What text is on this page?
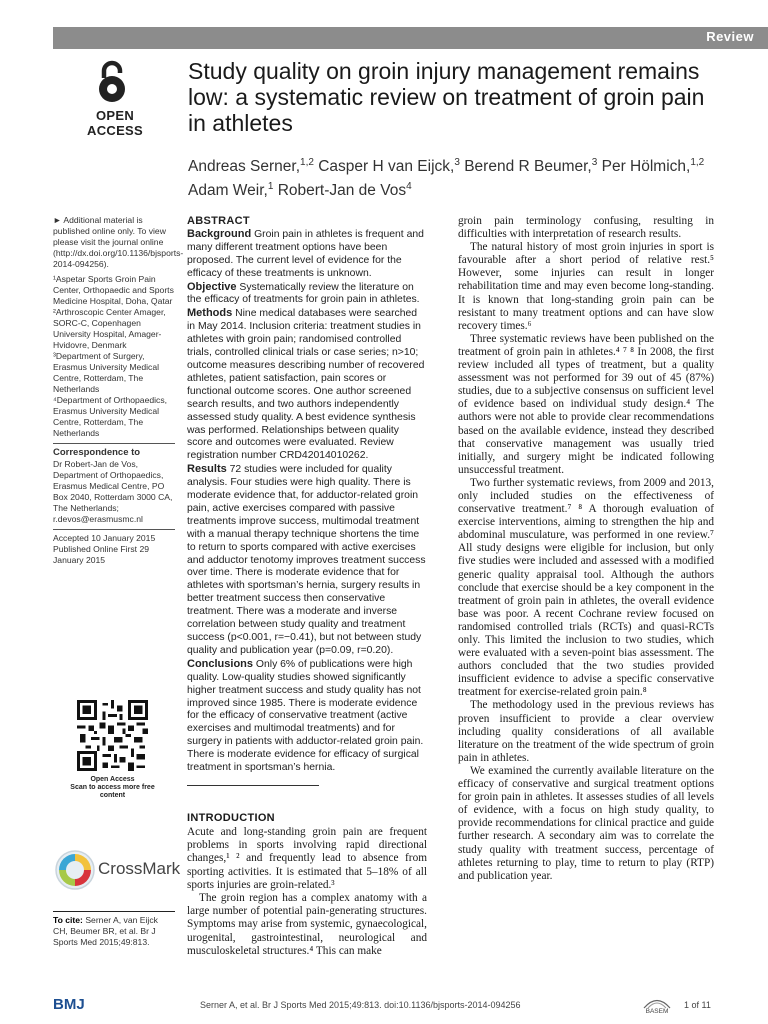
Review
OPEN ACCESS
Study quality on groin injury management remains low: a systematic review on treatment of groin pain in athletes
Andreas Serner,$^{1,2}$ Casper H van Eijck,$^3$ Berend R Beumer,$^3$ Per Hölmich,$^{1,2}$ Adam Weir,$^1$ Robert-Jan de Vos$^4$

► Additional material is published online only. To view please visit the journal online (http://dx.doi.org/10.1136/bjsports-2014-094256).

¹Aspetar Sports Groin Pain Center, Orthopaedic and Sports Medicine Hospital, Doha, Qatar

²Arthroscopic Center Amager, SORC-C, Copenhagen University Hospital, Amager-Hvidovre, Denmark

³Department of Surgery, Erasmus University Medical Centre, Rotterdam, The Netherlands

⁴Department of Orthopaedics, Erasmus University Medical Centre, Rotterdam, The Netherlands

Correspondence to

Dr Robert-Jan de Vos, Department of Orthopaedics, Erasmus Medical Centre, PO Box 2040, Rotterdam 3000 CA, The Netherlands; r.devos@erasmusmc.nl

Accepted 10 January 2015

Published Online First 29 January 2015

Open Access
Scan to access more free content
CrossMark
To cite: Serner A, van Eijck CH, Beumer BR, et al. Br J Sports Med 2015;49:813.
ABSTRACT

Background Groin pain in athletes is frequent and many different treatment options have been proposed. The current level of evidence for the efficacy of these treatments is unknown.

Objective Systematically review the literature on the efficacy of treatments for groin pain in athletes.

Methods Nine medical databases were searched in May 2014. Inclusion criteria: treatment studies in athletes with groin pain; randomised controlled trials, controlled clinical trials or case series; n>10; outcome measures describing number of recovered athletes, patient satisfaction, pain scores or functional outcome scores. One author screened search results, and two authors independently assessed study quality. A best evidence synthesis was performed. Relationships between quality score and outcomes were evaluated. Review registration number CRD42014010262.

Results 72 studies were included for quality analysis. Four studies were high quality. There is moderate evidence that, for adductor-related groin pain, active exercises compared with passive treatments improve success, multimodal treatment with a manual therapy technique shortens the time to return to sports compared with active exercises and adductor tenotomy improves treatment success over time. There is moderate evidence that for athletes with sportsman’s hernia, surgery results in better treatment success then conservative treatment. There was a moderate and inverse correlation between study quality and treatment success (p<0.001, r=−0.41), but not between study quality and publication year (p=0.09, r=0.20).

Conclusions Only 6% of publications were high quality. Low-quality studies showed significantly higher treatment success and study quality has not improved since 1985. There is moderate evidence for the efficacy of conservative treatment (active exercises and multimodal treatments) and for surgery in patients with adductor-related groin pain. There is moderate evidence for efficacy of surgical treatment in sportsman’s hernia.

INTRODUCTION

Acute and long-standing groin pain are frequent problems in sports involving rapid directional changes,¹ ² and frequently lead to absence from sporting activities. It is estimated that 5–18% of all sports injuries are groin-related.³

The groin region has a complex anatomy with a large number of potential pain-generating structures. Symptoms may arise from systemic, gynaecological, urogenital, gastrointestinal, neurological and musculoskeletal structures.⁴ This can make

groin pain terminology confusing, resulting in difficulties with interpretation of research results.

The natural history of most groin injuries in sport is favourable after a short period of relative rest.⁵ However, some injuries can result in longer rehabilitation time and may even become long-standing. It is known that long-standing groin pain can be resistant to many treatment options and can have slow recovery times.⁶

Three systematic reviews have been published on the treatment of groin pain in athletes.⁴ ⁷ ⁸ In 2008, the first review included all types of treatment, but a quality assessment was not performed for 39 out of 45 (87%) studies, due to a subjective consensus on sufficient level of evidence based on individual study design.⁴ The authors were not able to provide clear recommendations based on the available evidence, instead they described that conservative management was usually tried initially, and surgery might be indicated following unsuccessful treatment.

Two further systematic reviews, from 2009 and 2013, only included studies on the effectiveness of conservative treatment.⁷ ⁸ A thorough evaluation of exercise interventions, aiming to strengthen the hip and abdominal musculature, was performed in one review.⁷ All study designs were eligible for inclusion, but only five studies were included and assessed with a modified generic quality appraisal tool. Although the authors conclude that exercise should be a key component in the treatment of groin pain in athletes, the overall evidence base was poor. A recent Cochrane review focused on randomised controlled trials (RCTs) and quasi-RCTs only. This limited the inclusion to two studies, which were evaluated with a seven-point bias assessment. The authors concluded that the two studies provided insufficient evidence to advise a specific conservative treatment for exercise-related groin pain.⁸

The methodology used in the previous reviews has proven insufficient to provide a clear overview including quality considerations of all available literature on the treatment of the wide spectrum of groin pain in athletes.

We examined the currently available literature on the efficacy of conservative and surgical treatment options for groin pain in athletes. It assesses studies of all levels of evidence, with a focus on high study quality, to provide recommendations for clinical practice and guide further research. A secondary aim was to correlate the study quality with treatment success, percentage of athletes returning to play, time to return to play (RTP) and publication year.

BMJ	Serner A, et al. Br J Sports Med 2015;49:813. doi:10.1136/bjsports-2014-094256
BASEM
1 of 11
